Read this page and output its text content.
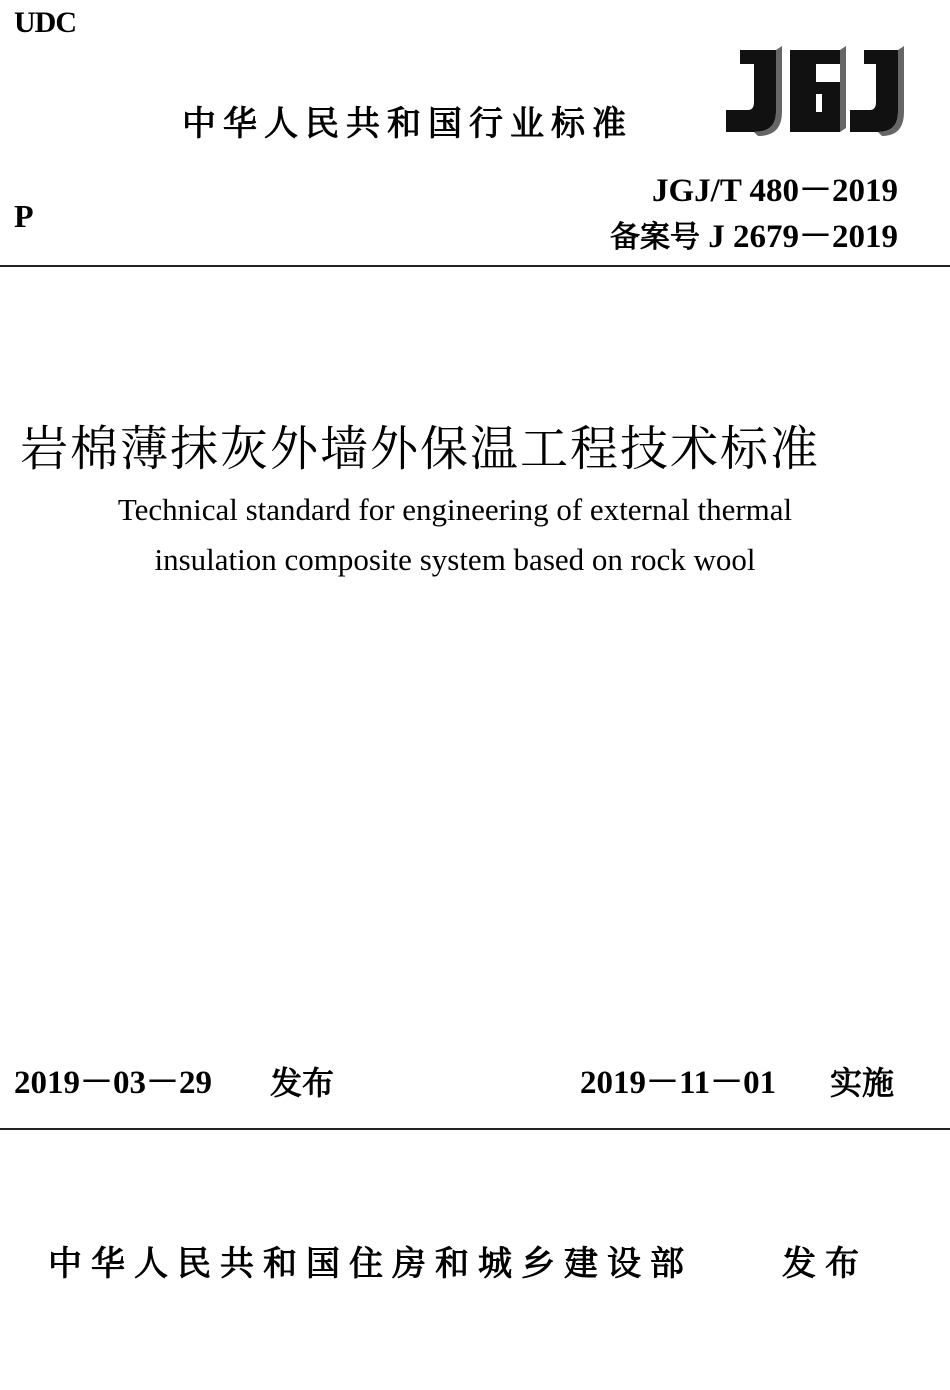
UDC
中华人民共和国行业标准
P
JGJ/T 480－2019
备案号 J 2679－2019
岩棉薄抹灰外墙外保温工程技术标准
Technical standard for engineering of external thermal
insulation composite system based on rock wool
2019－03－29 发布	2019－11－01 实施
中华人民共和国住房和城乡建设部	发布
